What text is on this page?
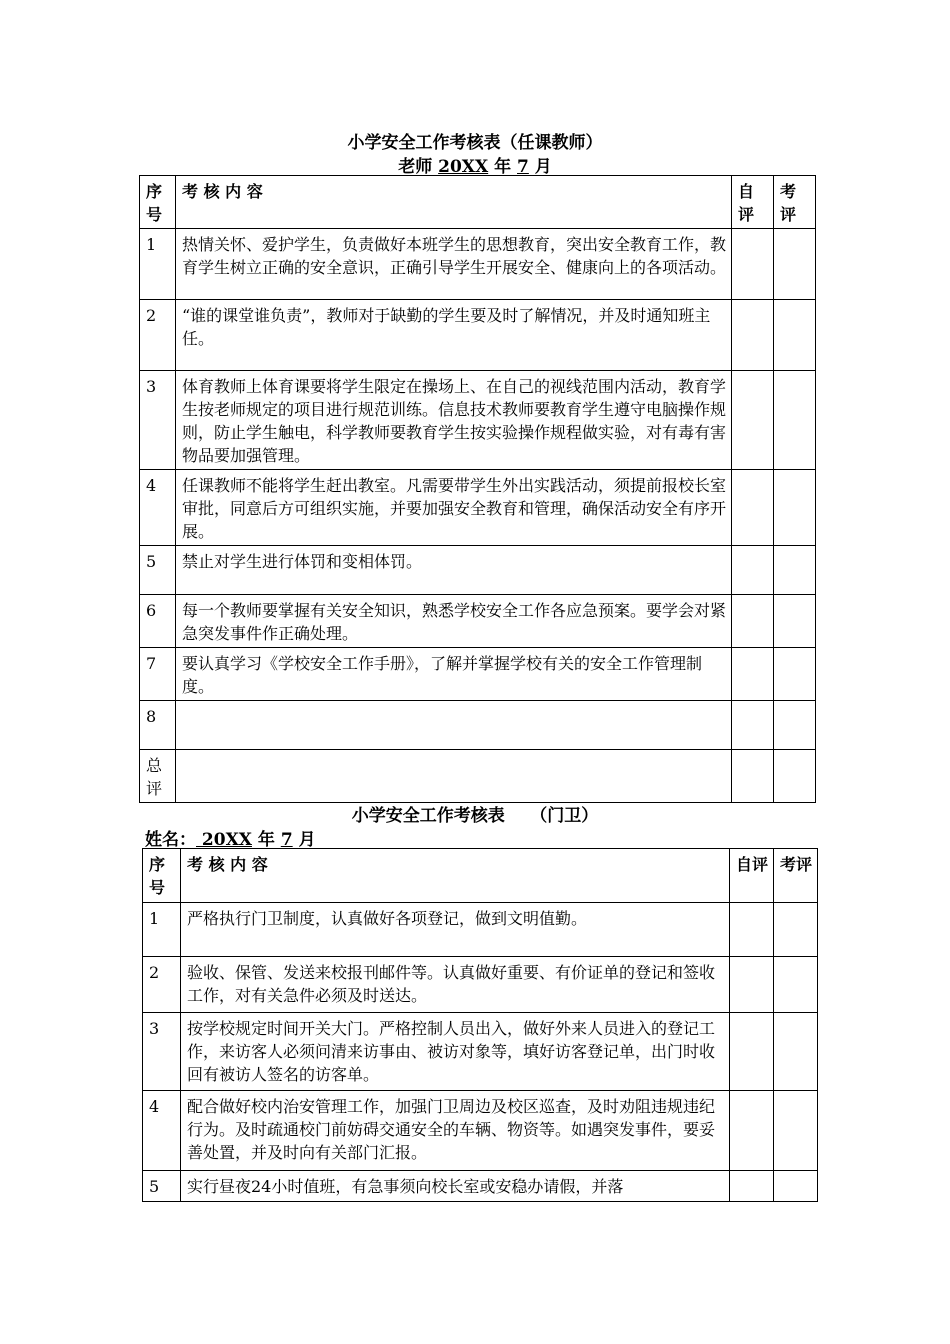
小学安全工作考核表（任课教师）
老师 20XX 年 7 月
序号	考 核 内 容	自评	考评
1	热情关怀、爱护学生，负责做好本班学生的思想教育，突出安全教育工作，教育学生树立正确的安全意识，正确引导学生开展安全、健康向上的各项活动。		
2	“谁的课堂谁负责”，教师对于缺勤的学生要及时了解情况，并及时通知班主任。		
3	体育教师上体育课要将学生限定在操场上、在自己的视线范围内活动，教育学生按老师规定的项目进行规范训练。信息技术教师要教育学生遵守电脑操作规则，防止学生触电，科学教师要教育学生按实验操作规程做实验，对有毒有害物品要加强管理。		
4	任课教师不能将学生赶出教室。凡需要带学生外出实践活动，须提前报校长室审批，同意后方可组织实施，并要加强安全教育和管理，确保活动安全有序开展。		
5	禁止对学生进行体罚和变相体罚。		
6	每一个教师要掌握有关安全知识，熟悉学校安全工作各应急预案。要学会对紧急突发事件作正确处理。		
7	要认真学习《学校安全工作手册》，了解并掌握学校有关的安全工作管理制度。		
8			
总评			
小学安全工作考核表　　（门卫）
姓名： 20XX 年 7 月
序号	考 核 内 容	自评	考评
1	严格执行门卫制度，认真做好各项登记，做到文明值勤。		
2	验收、保管、发送来校报刊邮件等。认真做好重要、有价证单的登记和签收工作，对有关急件必须及时送达。		
3	按学校规定时间开关大门。严格控制人员出入，做好外来人员进入的登记工作，来访客人必须问清来访事由、被访对象等，填好访客登记单，出门时收回有被访人签名的访客单。		
4	配合做好校内治安管理工作，加强门卫周边及校区巡查，及时劝阻违规违纪行为。及时疏通校门前妨碍交通安全的车辆、物资等。如遇突发事件，要妥善处置，并及时向有关部门汇报。		
5	实行昼夜24小时值班，有急事须向校长室或安稳办请假，并落		
